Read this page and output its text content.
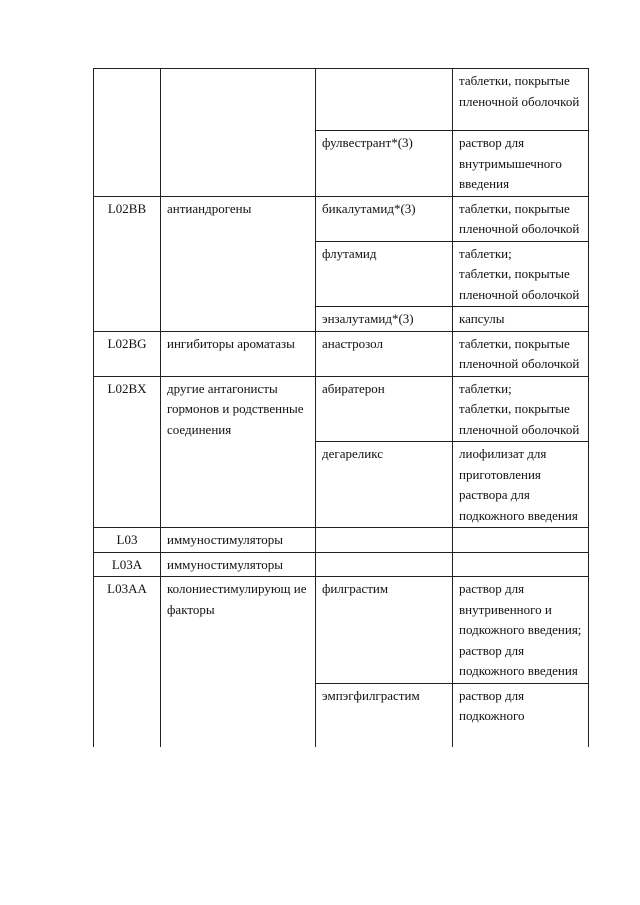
			таблетки, покрытые пленочной оболочкой
		фулвестрант*(3)	раствор для внутримышечного введения
L02BB	антиандрогены	бикалутамид*(3)	таблетки, покрытые пленочной оболочкой
		флутамид	таблетки;
таблетки, покрытые пленочной оболочкой

		энзалутамид*(3)	капсулы
L02BG	ингибиторы ароматазы	анастрозол	таблетки, покрытые пленочной оболочкой
L02BX	другие антагонисты гормонов и родственные соединения	абиратерон	таблетки;
таблетки, покрытые пленочной оболочкой

		дегареликс	лиофилизат для приготовления раствора для подкожного введения
L03	иммуностимуляторы		
L03A	иммуностимуляторы		
L03AA	колониестимулирующ ие факторы	филграстим	раствор для внутривенного и подкожного введения;
раствор для подкожного введения

		эмпэгфилграстим	раствор для подкожного
